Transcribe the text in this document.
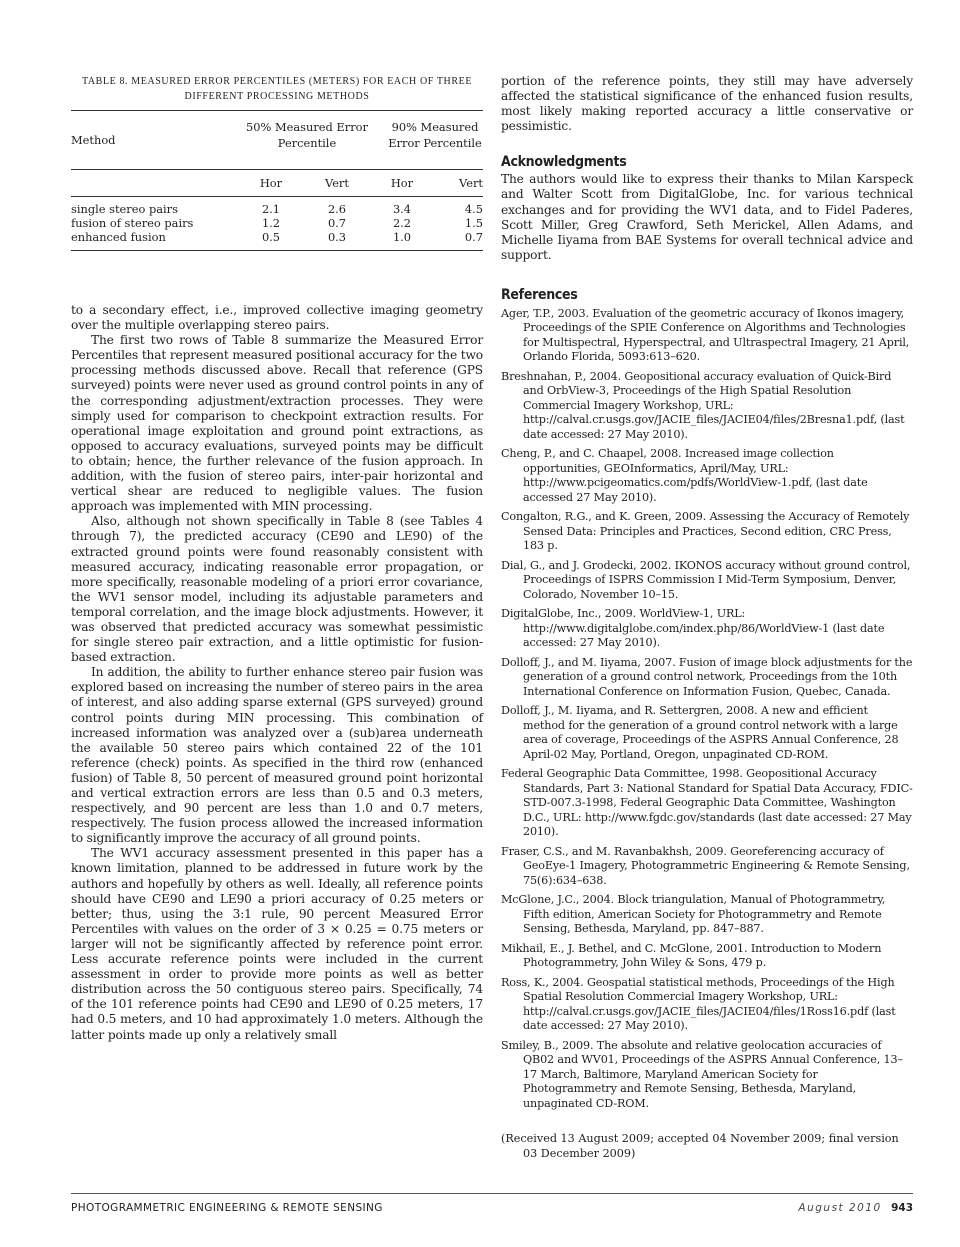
TABLE 8. MEASURED ERROR PERCENTILES (METERS) FOR EACH OF THREE
DIFFERENT PROCESSING METHODS

Method	50% Measured Error Percentile		90% Measured Error Percentile	

	Hor	Vert	Hor	Vert

single stereo pairs	2.1	2.6	3.4	4.5
fusion of stereo pairs	1.2	0.7	2.2	1.5
enhanced fusion	0.5	0.3	1.0	0.7

to a secondary effect, i.e., improved collective imaging geometry over the multiple overlapping stereo pairs.

The first two rows of Table 8 summarize the Measured Error Percentiles that represent measured positional accuracy for the two processing methods discussed above. Recall that reference (GPS surveyed) points were never used as ground control points in any of the corresponding adjustment/extraction processes. They were simply used for comparison to checkpoint extraction results. For operational image exploitation and ground point extractions, as opposed to accuracy evaluations, surveyed points may be difficult to obtain; hence, the further relevance of the fusion approach. In addition, with the fusion of stereo pairs, inter-pair horizontal and vertical shear are reduced to negligible values. The fusion approach was implemented with MIN processing.

Also, although not shown specifically in Table 8 (see Tables 4 through 7), the predicted accuracy (CE90 and LE90) of the extracted ground points were found reasonably consistent with measured accuracy, indicating reasonable error propagation, or more specifically, reasonable modeling of a priori error covariance, the WV1 sensor model, including its adjustable parameters and temporal correlation, and the image block adjustments. However, it was observed that predicted accuracy was somewhat pessimistic for single stereo pair extraction, and a little optimistic for fusion-based extraction.

In addition, the ability to further enhance stereo pair fusion was explored based on increasing the number of stereo pairs in the area of interest, and also adding sparse external (GPS surveyed) ground control points during MIN processing. This combination of increased information was analyzed over a (sub)area underneath the available 50 stereo pairs which contained 22 of the 101 reference (check) points. As specified in the third row (enhanced fusion) of Table 8, 50 percent of measured ground point horizontal and vertical extraction errors are less than 0.5 and 0.3 meters, respectively, and 90 percent are less than 1.0 and 0.7 meters, respectively. The fusion process allowed the increased information to significantly improve the accuracy of all ground points.

The WV1 accuracy assessment presented in this paper has a known limitation, planned to be addressed in future work by the authors and hopefully by others as well. Ideally, all reference points should have CE90 and LE90 a priori accuracy of 0.25 meters or better; thus, using the 3:1 rule, 90 percent Measured Error Percentiles with values on the order of 3 × 0.25 = 0.75 meters or larger will not be significantly affected by reference point error. Less accurate reference points were included in the current assessment in order to provide more points as well as better distribution across the 50 contiguous stereo pairs. Specifically, 74 of the 101 reference points had CE90 and LE90 of 0.25 meters, 17 had 0.5 meters, and 10 had approximately 1.0 meters. Although the latter points made up only a relatively small

portion of the reference points, they still may have adversely affected the statistical significance of the enhanced fusion results, most likely making reported accuracy a little conservative or pessimistic.

Acknowledgments

The authors would like to express their thanks to Milan Karspeck and Walter Scott from DigitalGlobe, Inc. for various technical exchanges and for providing the WV1 data, and to Fidel Paderes, Scott Miller, Greg Crawford, Seth Merickel, Allen Adams, and Michelle Iiyama from BAE Systems for overall technical advice and support.

References
Ager, T.P., 2003. Evaluation of the geometric accuracy of Ikonos imagery, Proceedings of the SPIE Conference on Algorithms and Technologies for Multispectral, Hyperspectral, and Ultraspectral Imagery, 21 April, Orlando Florida, 5093:613–620.
Breshnahan, P., 2004. Geopositional accuracy evaluation of Quick-Bird and OrbView-3, Proceedings of the High Spatial Resolution Commercial Imagery Workshop, URL: http://calval.cr.usgs.gov/JACIE_files/JACIE04/files/2Bresna1.pdf, (last date accessed: 27 May 2010).
Cheng, P., and C. Chaapel, 2008. Increased image collection opportunities, GEOInformatics, April/May, URL: http://www.pcigeomatics.com/pdfs/WorldView-1.pdf, (last date accessed 27 May 2010).
Congalton, R.G., and K. Green, 2009. Assessing the Accuracy of Remotely Sensed Data: Principles and Practices, Second edition, CRC Press, 183 p.
Dial, G., and J. Grodecki, 2002. IKONOS accuracy without ground control, Proceedings of ISPRS Commission I Mid-Term Symposium, Denver, Colorado, November 10–15.
DigitalGlobe, Inc., 2009. WorldView-1, URL: http://www.digitalglobe.com/index.php/86/WorldView-1 (last date accessed: 27 May 2010).
Dolloff, J., and M. Iiyama, 2007. Fusion of image block adjustments for the generation of a ground control network, Proceedings from the 10th International Conference on Information Fusion, Quebec, Canada.
Dolloff, J., M. Iiyama, and R. Settergren, 2008. A new and efficient method for the generation of a ground control network with a large area of coverage, Proceedings of the ASPRS Annual Conference, 28 April-02 May, Portland, Oregon, unpaginated CD-ROM.
Federal Geographic Data Committee, 1998. Geopositional Accuracy Standards, Part 3: National Standard for Spatial Data Accuracy, FDIC-STD-007.3-1998, Federal Geographic Data Committee, Washington D.C., URL: http://www.fgdc.gov/standards (last date accessed: 27 May 2010).
Fraser, C.S., and M. Ravanbakhsh, 2009. Georeferencing accuracy of GeoEye-1 Imagery, Photogrammetric Engineering & Remote Sensing, 75(6):634–638.
McGlone, J.C., 2004. Block triangulation, Manual of Photogrammetry, Fifth edition, American Society for Photogrammetry and Remote Sensing, Bethesda, Maryland, pp. 847–887.
Mikhail, E., J. Bethel, and C. McGlone, 2001. Introduction to Modern Photogrammetry, John Wiley & Sons, 479 p.
Ross, K., 2004. Geospatial statistical methods, Proceedings of the High Spatial Resolution Commercial Imagery Workshop, URL: http://calval.cr.usgs.gov/JACIE_files/JACIE04/files/1Ross16.pdf (last date accessed: 27 May 2010).
Smiley, B., 2009. The absolute and relative geolocation accuracies of QB02 and WV01, Proceedings of the ASPRS Annual Conference, 13–17 March, Baltimore, Maryland American Society for Photogrammetry and Remote Sensing, Bethesda, Maryland, unpaginated CD-ROM.

(Received 13 August 2009; accepted 04 November 2009; final version 03 December 2009)

PHOTOGRAMMETRIC ENGINEERING & REMOTE SENSING	August 2010 943
